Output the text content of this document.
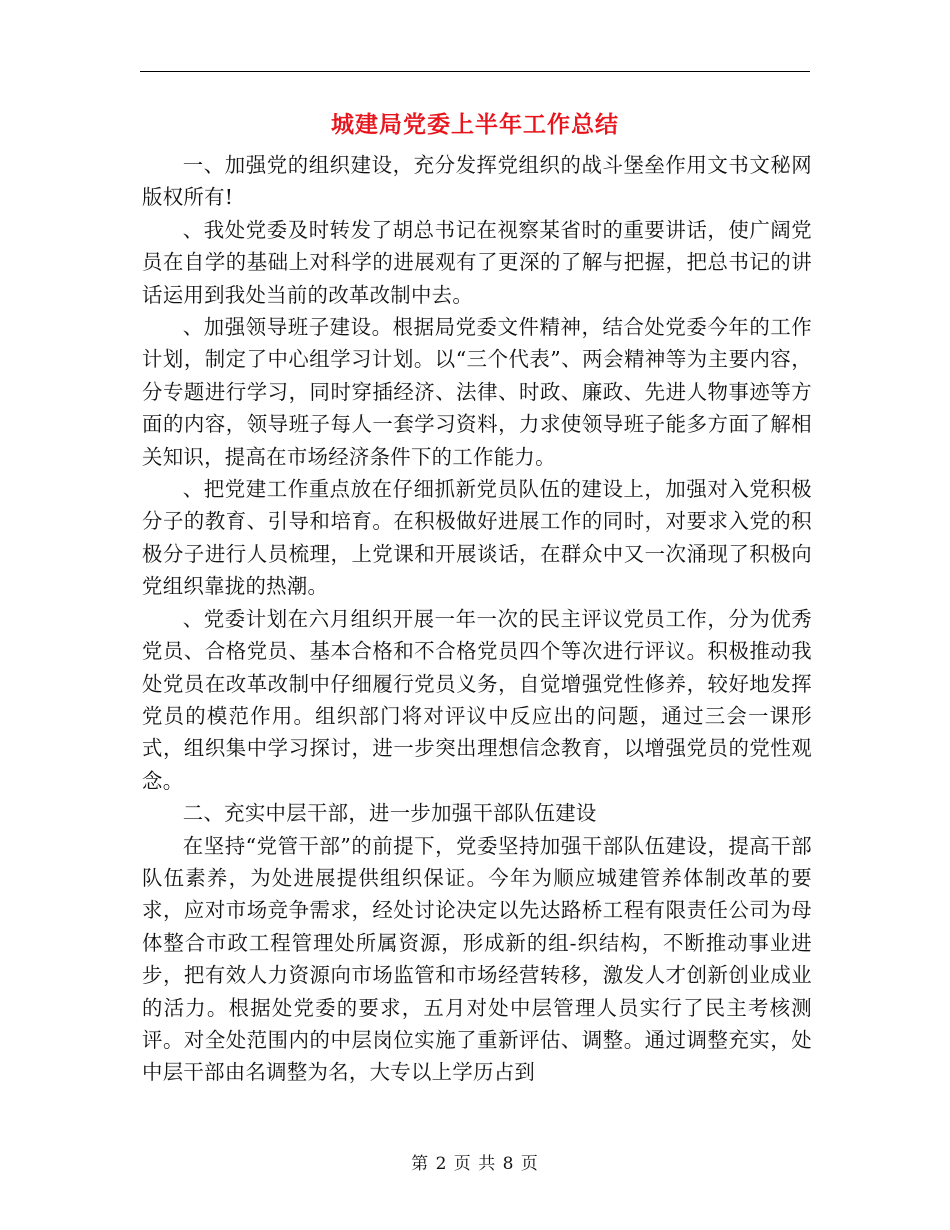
城建局党委上半年工作总结

一、加强党的组织建设，充分发挥党组织的战斗堡垒作用文书文秘网版权所有!

、我处党委及时转发了胡总书记在视察某省时的重要讲话，使广阔党员在自学的基础上对科学的进展观有了更深的了解与把握，把总书记的讲话运用到我处当前的改革改制中去。

、加强领导班子建设。根据局党委文件精神，结合处党委今年的工作计划，制定了中心组学习计划。以“三个代表”、两会精神等为主要内容，分专题进行学习，同时穿插经济、法律、时政、廉政、先进人物事迹等方面的内容，领导班子每人一套学习资料，力求使领导班子能多方面了解相关知识，提高在市场经济条件下的工作能力。

、把党建工作重点放在仔细抓新党员队伍的建设上，加强对入党积极分子的教育、引导和培育。在积极做好进展工作的同时，对要求入党的积极分子进行人员梳理，上党课和开展谈话，在群众中又一次涌现了积极向党组织靠拢的热潮。

、党委计划在六月组织开展一年一次的民主评议党员工作，分为优秀党员、合格党员、基本合格和不合格党员四个等次进行评议。积极推动我处党员在改革改制中仔细履行党员义务，自觉增强党性修养，较好地发挥党员的模范作用。组织部门将对评议中反应出的问题，通过三会一课形式，组织集中学习探讨，进一步突出理想信念教育，以增强党员的党性观念。

二、充实中层干部，进一步加强干部队伍建设

在坚持“党管干部”的前提下，党委坚持加强干部队伍建设，提高干部队伍素养，为处进展提供组织保证。今年为顺应城建管养体制改革的要求，应对市场竞争需求，经处讨论决定以先达路桥工程有限责任公司为母体整合市政工程管理处所属资源，形成新的组-织结构，不断推动事业进步，把有效人力资源向市场监管和市场经营转移，激发人才创新创业成业的活力。根据处党委的要求，五月对处中层管理人员实行了民主考核测评。对全处范围内的中层岗位实施了重新评估、调整。通过调整充实，处中层干部由名调整为名，大专以上学历占到

第 2 页 共 8 页
